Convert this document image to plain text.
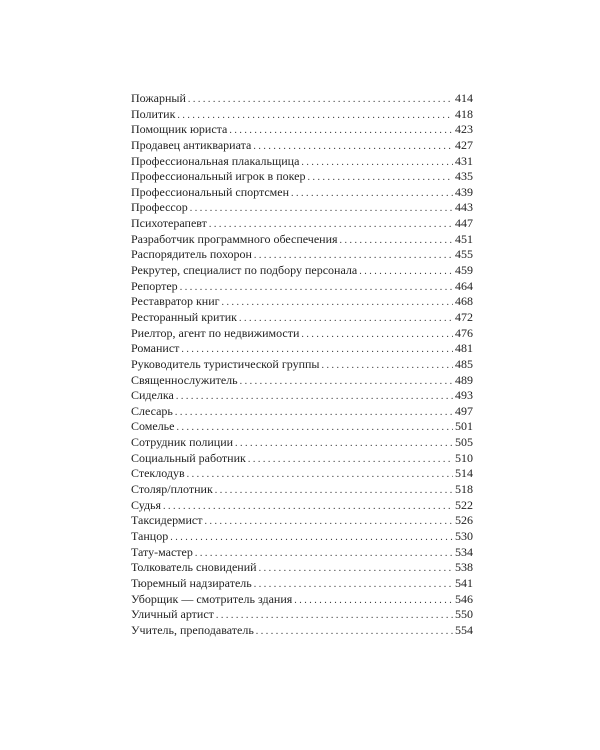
Пожарный . . .	414
Политик . . .	418
Помощник юриста . . .	423
Продавец антиквариата . . .	427
Профессиональная плакальщица . . .	431
Профессиональный игрок в покер . . .	435
Профессиональный спортсмен . . .	439
Профессор . . .	443
Психотерапевт . . .	447
Разработчик программного обеспечения . . .	451
Распорядитель похорон . . .	455
Рекрутер, специалист по подбору персонала . . .	459
Репортер . . .	464
Реставратор книг . . .	468
Ресторанный критик . . .	472
Риелтор, агент по недвижимости . . .	476
Романист . . .	481
Руководитель туристической группы . . .	485
Священнослужитель . . .	489
Сиделка . . .	493
Слесарь . . .	497
Сомелье . . .	501
Сотрудник полиции . . .	505
Социальный работник . . .	510
Стеклодув . . .	514
Столяр/плотник . . .	518
Судья . . .	522
Таксидермист . . .	526
Танцор . . .	530
Тату-мастер . . .	534
Толкователь сновидений . . .	538
Тюремный надзиратель . . .	541
Уборщик — смотритель здания . . .	546
Уличный артист . . .	550
Учитель, преподаватель . . .	554
